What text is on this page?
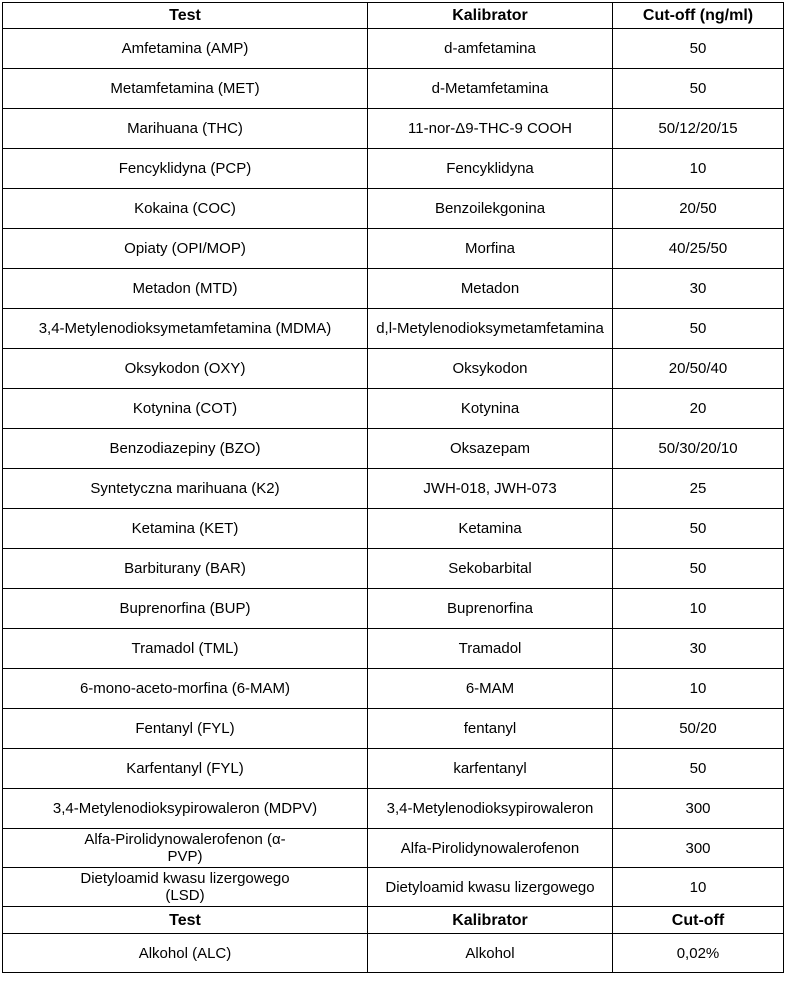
Test	Kalibrator	Cut-off (ng/ml)
Amfetamina (AMP)	d-amfetamina	50
Metamfetamina (MET)	d-Metamfetamina	50
Marihuana (THC)	11-nor-Δ9-THC-9 COOH	50/12/20/15
Fencyklidyna (PCP)	Fencyklidyna	10
Kokaina (COC)	Benzoilekgonina	20/50
Opiaty (OPI/MOP)	Morfina	40/25/50
Metadon (MTD)	Metadon	30
3,4-Metylenodioksymetamfetamina (MDMA)	d,l-Metylenodioksymetamfetamina	50
Oksykodon (OXY)	Oksykodon	20/50/40
Kotynina (COT)	Kotynina	20
Benzodiazepiny (BZO)	Oksazepam	50/30/20/10
Syntetyczna marihuana (K2)	JWH-018, JWH-073	25
Ketamina (KET)	Ketamina	50
Barbiturany (BAR)	Sekobarbital	50
Buprenorfina (BUP)	Buprenorfina	10
Tramadol (TML)	Tramadol	30
6-mono-aceto-morfina (6-MAM)	6-MAM	10
Fentanyl (FYL)	fentanyl	50/20
Karfentanyl (FYL)	karfentanyl	50
3,4-Metylenodioksypirowaleron (MDPV)	3,4-Metylenodioksypirowaleron	300
Alfa-Pirolidynowalerofenon (α-PVP)	Alfa-Pirolidynowalerofenon	300
Dietyloamid kwasu lizergowego (LSD)	Dietyloamid kwasu lizergowego	10
Test	Kalibrator	Cut-off
Alkohol (ALC)	Alkohol	0,02%
